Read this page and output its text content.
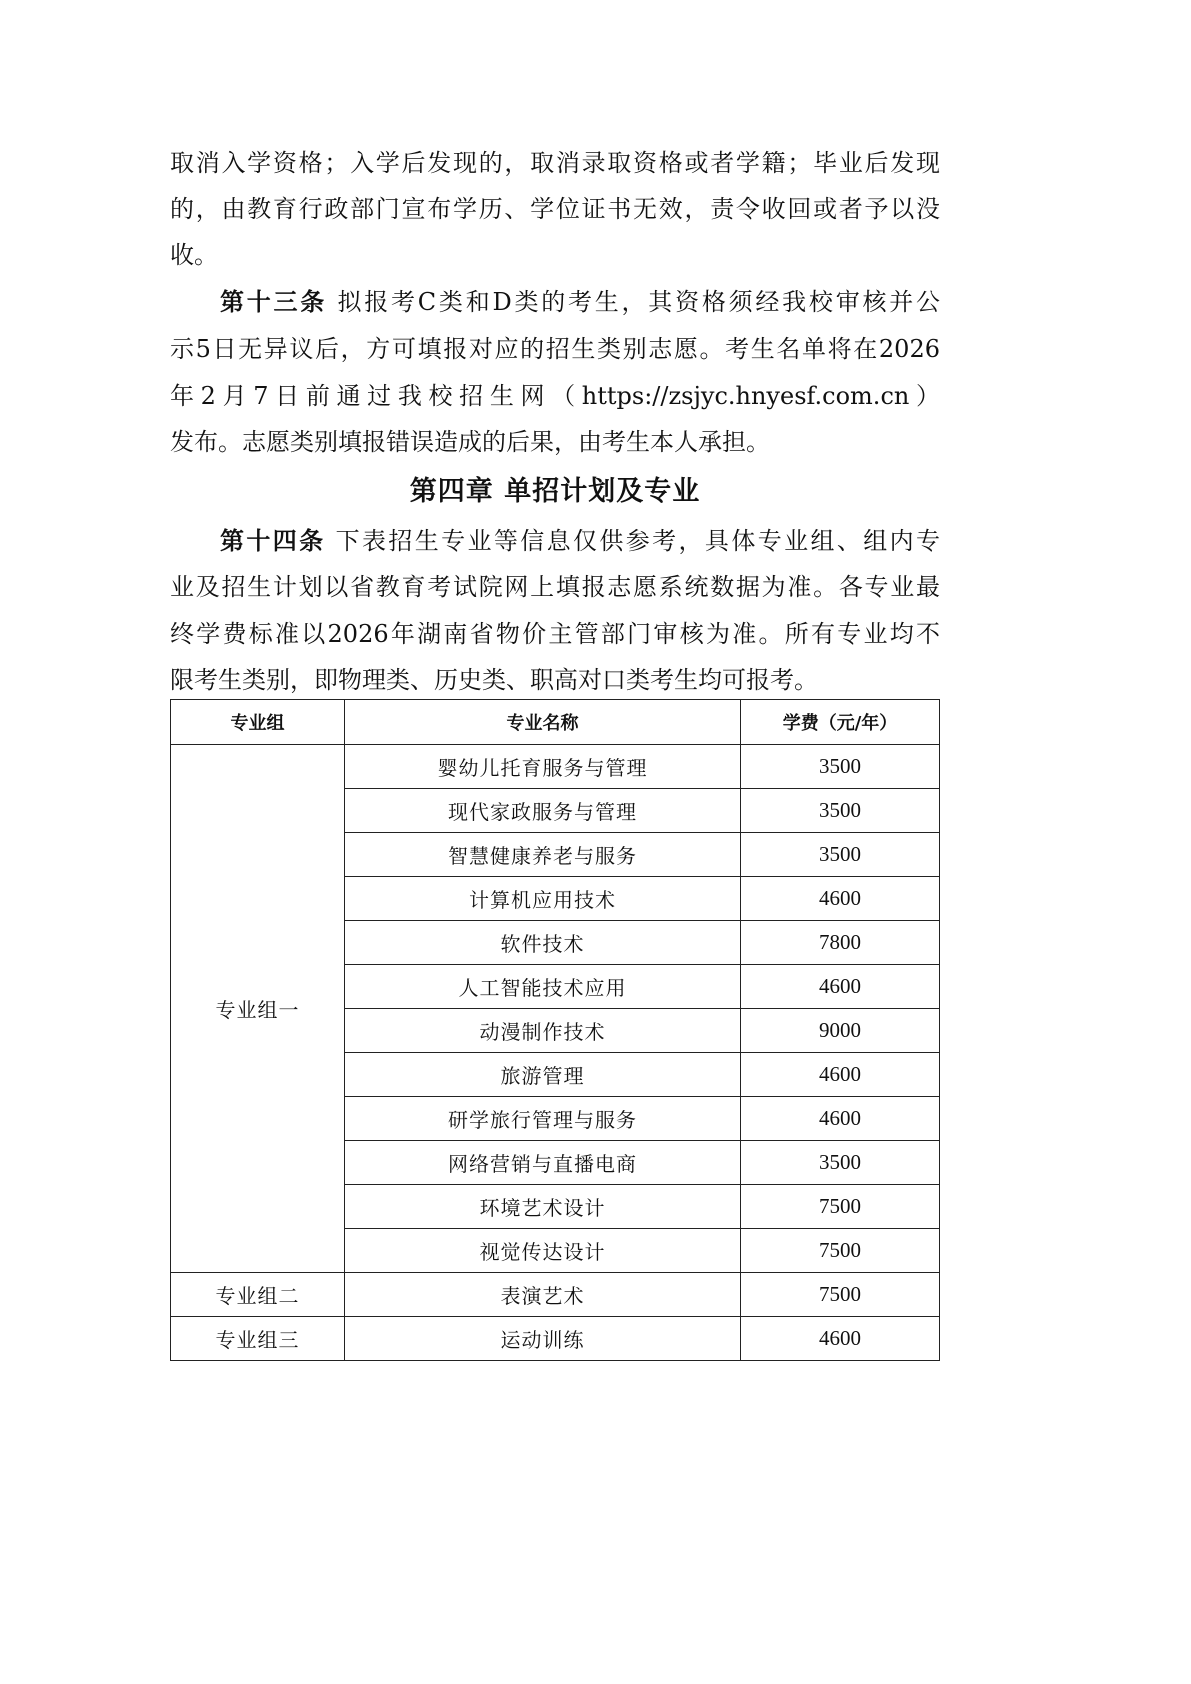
取消入学资格；入学后发现的，取消录取资格或者学籍；毕业后发现
的，由教育行政部门宣布学历、学位证书无效，责令收回或者予以没
收。
第十三条 拟报考C类和D类的考生，其资格须经我校审核并公
示5日无异议后，方可填报对应的招生类别志愿。考生名单将在2026
年2月7日前通过我校招生网（https://zsjyc.hnyesf.com.cn）
发布。志愿类别填报错误造成的后果，由考生本人承担。
第四章 单招计划及专业
第十四条 下表招生专业等信息仅供参考，具体专业组、组内专
业及招生计划以省教育考试院网上填报志愿系统数据为准。各专业最
终学费标准以2026年湖南省物价主管部门审核为准。所有专业均不
限考生类别，即物理类、历史类、职高对口类考生均可报考。
专业组	专业名称	学费（元/年）
专业组一	婴幼儿托育服务与管理	3500
	现代家政服务与管理	3500
	智慧健康养老与服务	3500
	计算机应用技术	4600
	软件技术	7800
	人工智能技术应用	4600
	动漫制作技术	9000
	旅游管理	4600
	研学旅行管理与服务	4600
	网络营销与直播电商	3500
	环境艺术设计	7500
	视觉传达设计	7500
专业组二	表演艺术	7500
专业组三	运动训练	4600
